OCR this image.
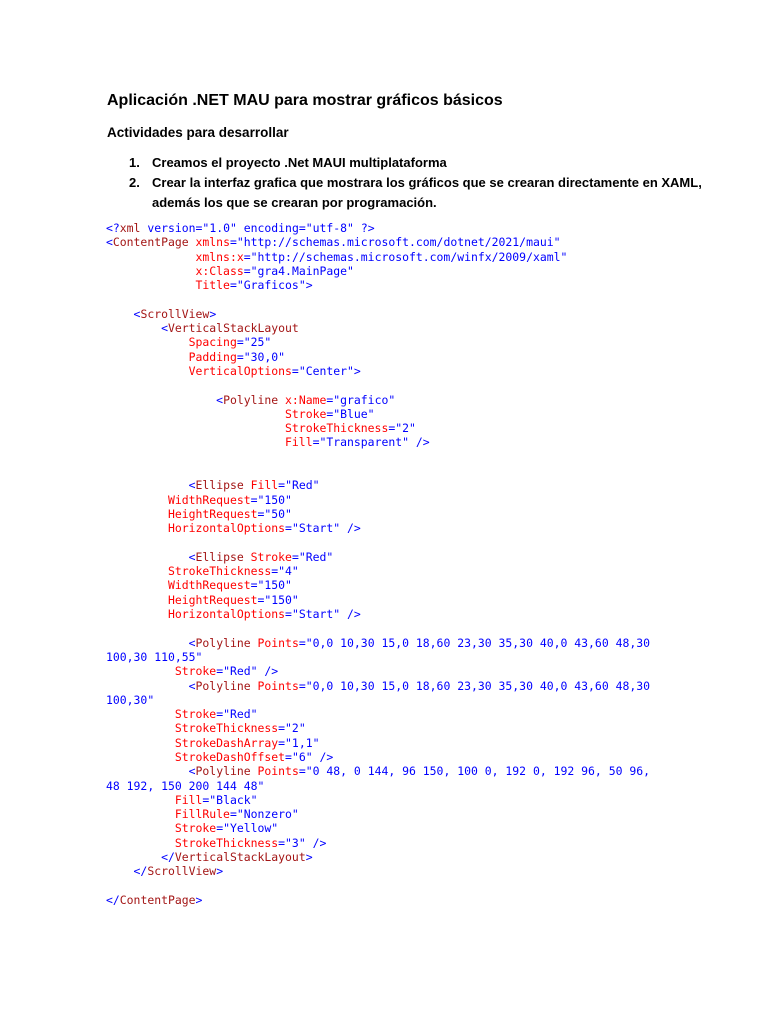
Aplicación .NET MAU para mostrar gráficos básicos
Actividades para desarrollar
1. Creamos el proyecto .Net MAUI multiplataforma
2. Crear la interfaz grafica que mostrara los gráficos que se crearan directamente en XAML,
además los que se crearan por programación.
<?xml version="1.0" encoding="utf-8" ?>
<ContentPage xmlns="http://schemas.microsoft.com/dotnet/2021/maui"
xmlns:x="http://schemas.microsoft.com/winfx/2009/xaml"
x:Class="gra4.MainPage"
Title="Graficos">

<ScrollView>
<VerticalStackLayout
Spacing="25"
Padding="30,0"
VerticalOptions="Center">

<Polyline x:Name="grafico"
Stroke="Blue"
StrokeThickness="2"
Fill="Transparent" />

<Ellipse Fill="Red"
WidthRequest="150"
HeightRequest="50"
HorizontalOptions="Start" />

<Ellipse Stroke="Red"
StrokeThickness="4"
WidthRequest="150"
HeightRequest="150"
HorizontalOptions="Start" />

<Polyline Points="0,0 10,30 15,0 18,60 23,30 35,30 40,0 43,60 48,30
100,30 110,55"
Stroke="Red" />
<Polyline Points="0,0 10,30 15,0 18,60 23,30 35,30 40,0 43,60 48,30
100,30"
Stroke="Red"
StrokeThickness="2"
StrokeDashArray="1,1"
StrokeDashOffset="6" />
<Polyline Points="0 48, 0 144, 96 150, 100 0, 192 0, 192 96, 50 96,
48 192, 150 200 144 48"
Fill="Black"
FillRule="Nonzero"
Stroke="Yellow"
StrokeThickness="3" />
</VerticalStackLayout>
</ScrollView>

</ContentPage>
